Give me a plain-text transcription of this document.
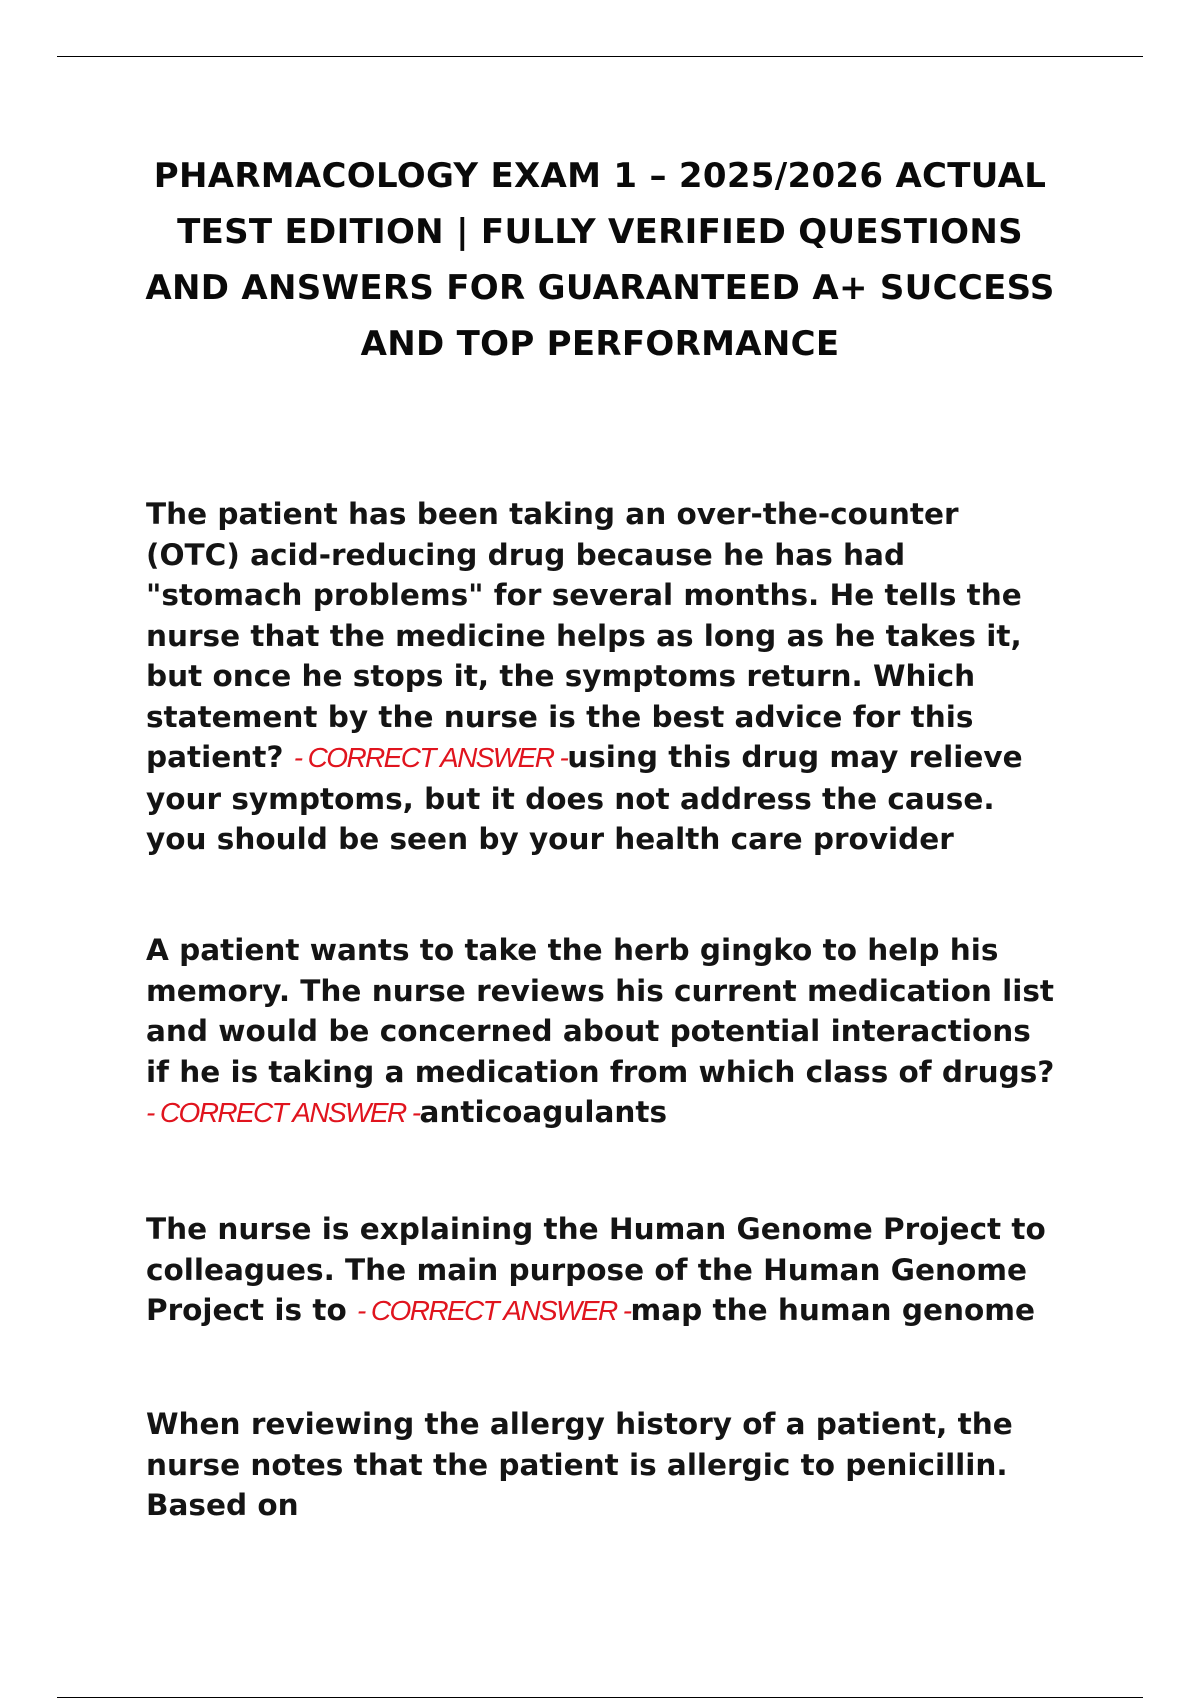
PHARMACOLOGY EXAM 1 – 2025/2026 ACTUAL TEST EDITION | FULLY VERIFIED QUESTIONS AND ANSWERS FOR GUARANTEED A+ SUCCESS AND TOP PERFORMANCE

The patient has been taking an over-the-counter (OTC) acid-reducing drug because he has had "stomach problems" for several months. He tells the nurse that the medicine helps as long as he takes it, but once he stops it, the symptoms return. Which statement by the nurse is the best advice for this patient? - CORRECT ANSWER -using this drug may relieve your symptoms, but it does not address the cause. you should be seen by your health care provider

A patient wants to take the herb gingko to help his memory. The nurse reviews his current medication list and would be concerned about potential interactions if he is taking a medication from which class of drugs? - CORRECT ANSWER -anticoagulants

The nurse is explaining the Human Genome Project to colleagues. The main purpose of the Human Genome Project is to - CORRECT ANSWER -map the human genome

When reviewing the allergy history of a patient, the nurse notes that the patient is allergic to penicillin. Based on
